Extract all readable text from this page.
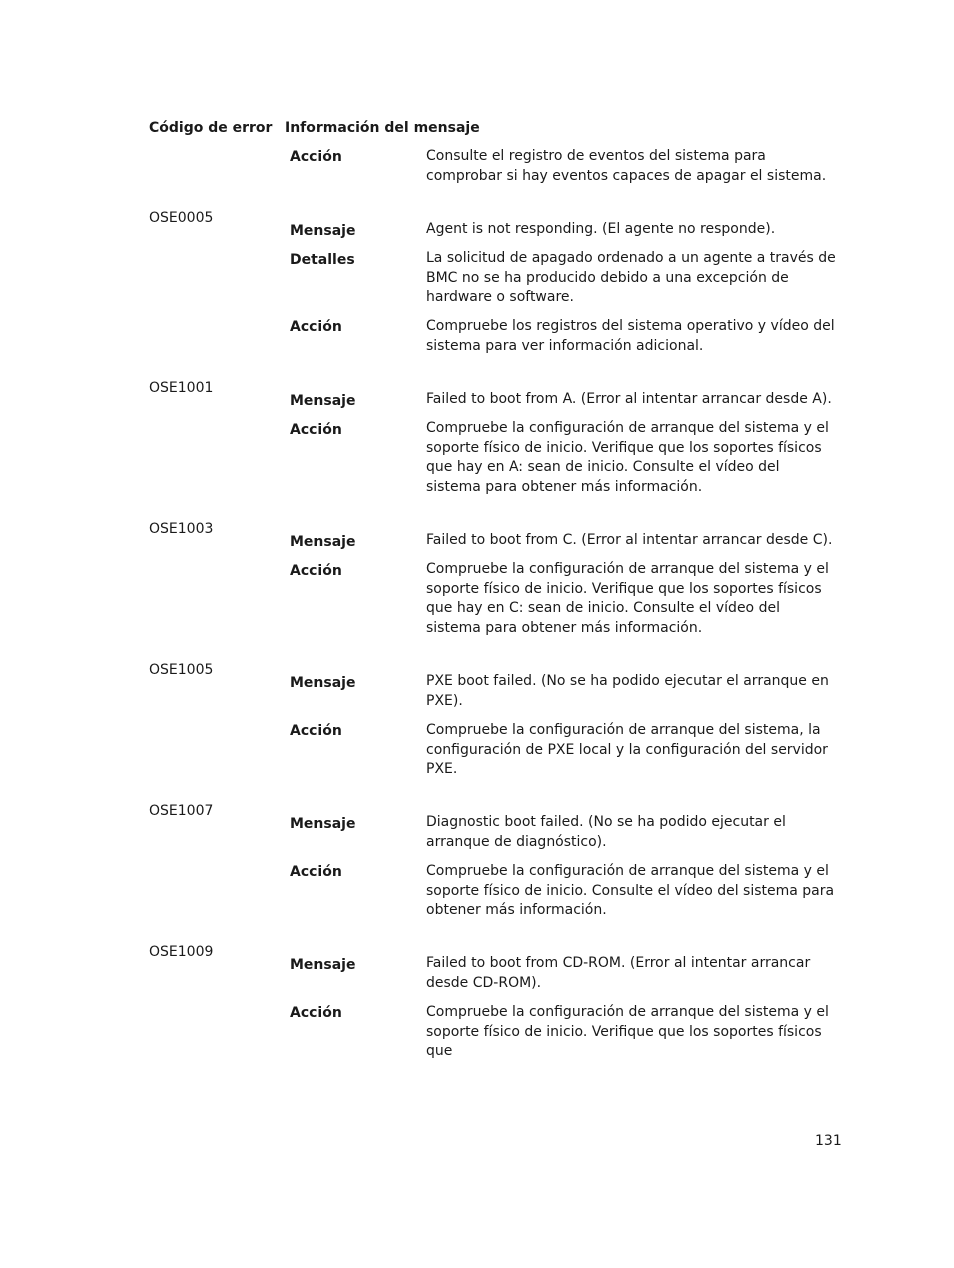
Código de error Información del mensaje
Acción	Consulte el registro de eventos del sistema para comprobar si hay eventos capaces de apagar el sistema.
OSE0005
Mensaje	Agent is not responding. (El agente no responde).
Detalles	La solicitud de apagado ordenado a un agente a través de BMC no se ha producido debido a una excepción de hardware o software.
Acción	Compruebe los registros del sistema operativo y vídeo del sistema para ver información adicional.
OSE1001
Mensaje	Failed to boot from A. (Error al intentar arrancar desde A).
Acción	Compruebe la configuración de arranque del sistema y el soporte físico de inicio. Verifique que los soportes físicos que hay en A: sean de inicio. Consulte el vídeo del sistema para obtener más información.
OSE1003
Mensaje	Failed to boot from C. (Error al intentar arrancar desde C).
Acción	Compruebe la configuración de arranque del sistema y el soporte físico de inicio. Verifique que los soportes físicos que hay en C: sean de inicio. Consulte el vídeo del sistema para obtener más información.
OSE1005
Mensaje	PXE boot failed. (No se ha podido ejecutar el arranque en PXE).
Acción	Compruebe la configuración de arranque del sistema, la configuración de PXE local y la configuración del servidor PXE.
OSE1007
Mensaje	Diagnostic boot failed. (No se ha podido ejecutar el arranque de diagnóstico).
Acción	Compruebe la configuración de arranque del sistema y el soporte físico de inicio. Consulte el vídeo del sistema para obtener más información.
OSE1009
Mensaje	Failed to boot from CD-ROM. (Error al intentar arrancar desde CD-ROM).
Acción	Compruebe la configuración de arranque del sistema y el soporte físico de inicio. Verifique que los soportes físicos que
131
